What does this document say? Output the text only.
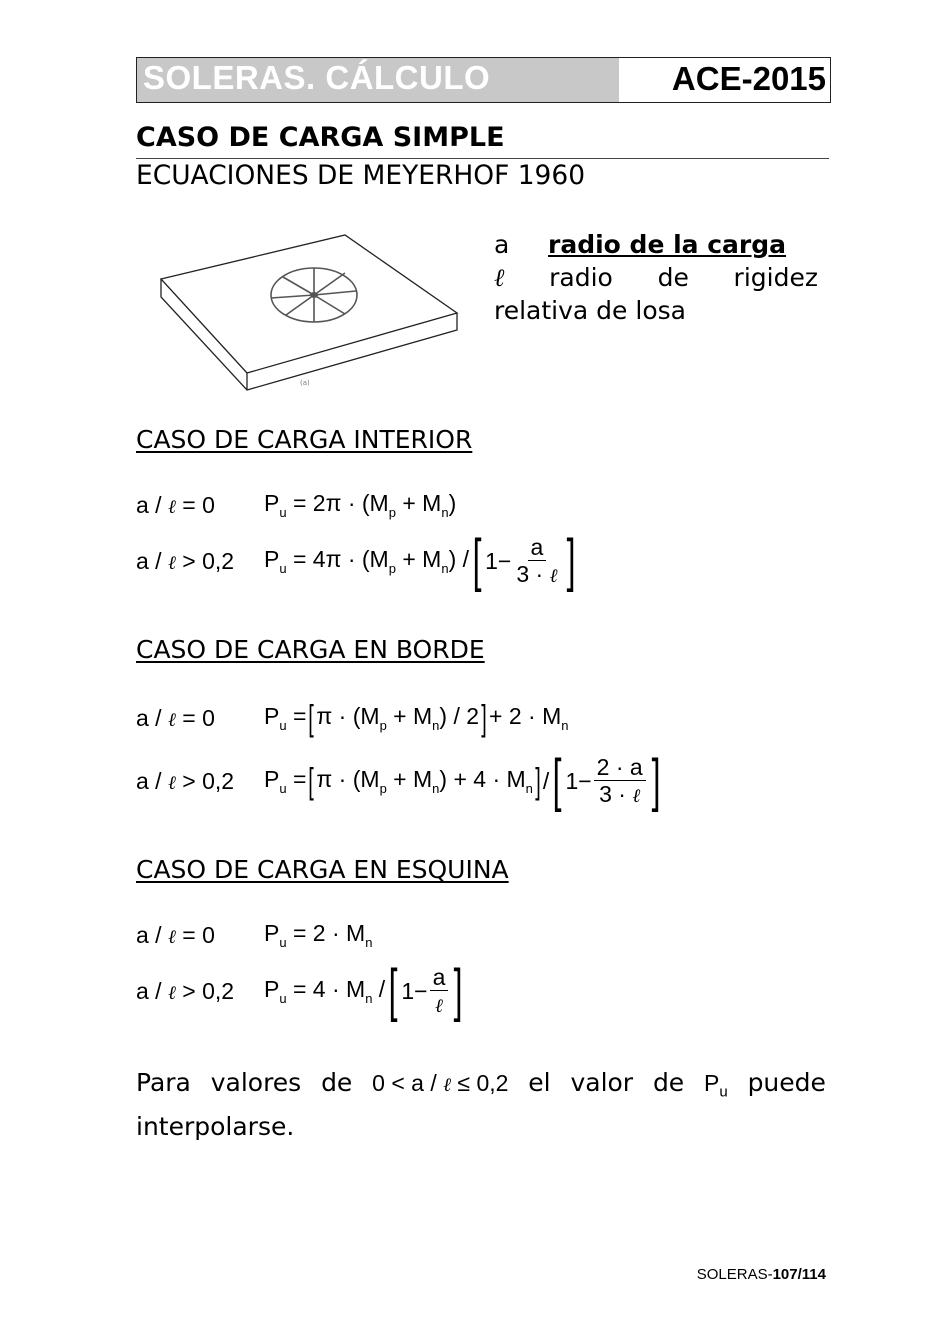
SOLERAS. CÁLCULO	ACE-2015
CASO DE CARGA SIMPLE
ECUACIONES DE MEYERHOF 1960
(a)
a	radio de la carga
ℓ radio de rigidez
relativa de losa
CASO DE CARGA INTERIOR
a / ℓ = 0	$P_u = 2\pi \cdot (M_p + M_n)$
a / ℓ > 0,2	$P_u = 4\pi \cdot (M_p + M_n)$ / [ $1- \frac{a}{\text{3 · ℓ}}$ ]
CASO DE CARGA EN BORDE
a / ℓ = 0	$P_u$ = [ $\pi \cdot (M_p + M_n) / 2$ ] + $2 \cdot M_n$
a / ℓ > 0,2	$P_u$ = [ $\pi \cdot (M_p + M_n) + 4 \cdot M_n$ ] / [ $1- \frac{2 \cdot a}{\text{3 · ℓ}}$ ]
CASO DE CARGA EN ESQUINA
a / ℓ = 0	$P_u = 2 \cdot M_n$
a / ℓ > 0,2	$P_u = 4 \cdot M_n$ / [ $1- \frac{a}{\text{ℓ}}$ ]
Para valores de 0 < a / ℓ ≤ 0,2 el valor de $P_u$ puede
interpolarse.
SOLERAS-107/114
